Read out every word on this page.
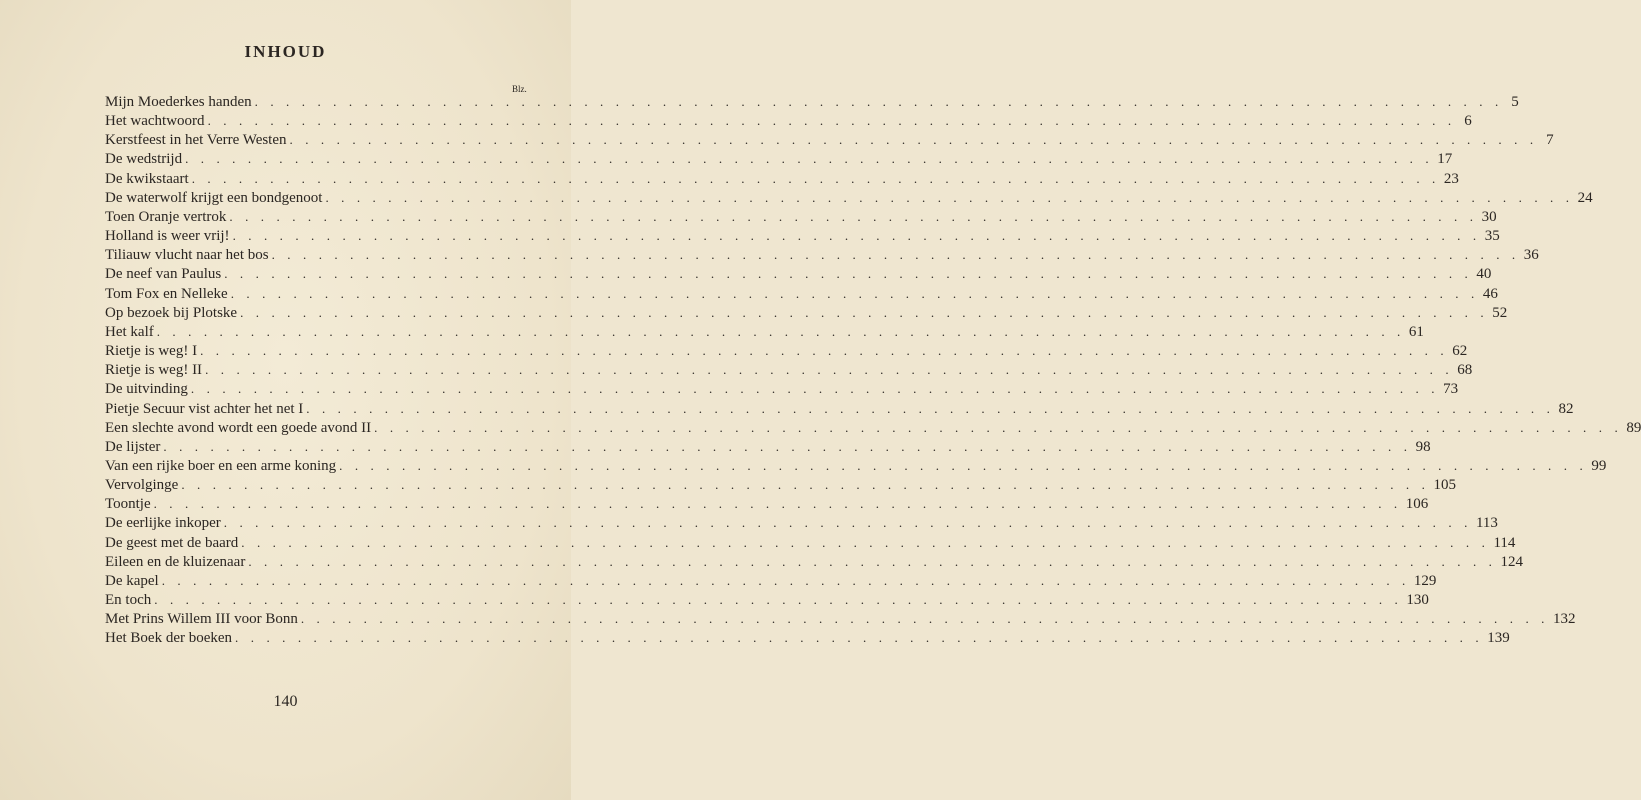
INHOUD
Blz.
Mijn Moederkes handen . . . . . . . . . . . . . . . . . . . . . . . . . . . . . . . . . . . . . . . . . . . . . . . . . . . . . . . . . . . . . . . . . . . . . . . . . . . . . . . . 5
Het wachtwoord . . . . . . . . . . . . . . . . . . . . . . . . . . . . . . . . . . . . . . . . . . . . . . . . . . . . . . . . . . . . . . . . . . . . . . . . . . . . . . . . 6
Kerstfeest in het Verre Westen . . . . . . . . . . . . . . . . . . . . . . . . . . . . . . . . . . . . . . . . . . . . . . . . . . . . . . . . . . . . . . . . . . . . . . . . . . . . . . . . 7
De wedstrijd . . . . . . . . . . . . . . . . . . . . . . . . . . . . . . . . . . . . . . . . . . . . . . . . . . . . . . . . . . . . . . . . . . . . . . . . . . . . . . . . 17
De kwikstaart . . . . . . . . . . . . . . . . . . . . . . . . . . . . . . . . . . . . . . . . . . . . . . . . . . . . . . . . . . . . . . . . . . . . . . . . . . . . . . . . 23
De waterwolf krijgt een bondgenoot . . . . . . . . . . . . . . . . . . . . . . . . . . . . . . . . . . . . . . . . . . . . . . . . . . . . . . . . . . . . . . . . . . . . . . . . . . . . . . . . 24
Toen Oranje vertrok . . . . . . . . . . . . . . . . . . . . . . . . . . . . . . . . . . . . . . . . . . . . . . . . . . . . . . . . . . . . . . . . . . . . . . . . . . . . . . . . 30
Holland is weer vrij! . . . . . . . . . . . . . . . . . . . . . . . . . . . . . . . . . . . . . . . . . . . . . . . . . . . . . . . . . . . . . . . . . . . . . . . . . . . . . . . . 35
Tiliauw vlucht naar het bos . . . . . . . . . . . . . . . . . . . . . . . . . . . . . . . . . . . . . . . . . . . . . . . . . . . . . . . . . . . . . . . . . . . . . . . . . . . . . . . . 36
De neef van Paulus . . . . . . . . . . . . . . . . . . . . . . . . . . . . . . . . . . . . . . . . . . . . . . . . . . . . . . . . . . . . . . . . . . . . . . . . . . . . . . . . 40
Tom Fox en Nelleke . . . . . . . . . . . . . . . . . . . . . . . . . . . . . . . . . . . . . . . . . . . . . . . . . . . . . . . . . . . . . . . . . . . . . . . . . . . . . . . . 46
Op bezoek bij Plotske . . . . . . . . . . . . . . . . . . . . . . . . . . . . . . . . . . . . . . . . . . . . . . . . . . . . . . . . . . . . . . . . . . . . . . . . . . . . . . . . 52
Het kalf . . . . . . . . . . . . . . . . . . . . . . . . . . . . . . . . . . . . . . . . . . . . . . . . . . . . . . . . . . . . . . . . . . . . . . . . . . . . . . . . 61
Rietje is weg! I . . . . . . . . . . . . . . . . . . . . . . . . . . . . . . . . . . . . . . . . . . . . . . . . . . . . . . . . . . . . . . . . . . . . . . . . . . . . . . . . 62
Rietje is weg! II . . . . . . . . . . . . . . . . . . . . . . . . . . . . . . . . . . . . . . . . . . . . . . . . . . . . . . . . . . . . . . . . . . . . . . . . . . . . . . . . 68
De uitvinding . . . . . . . . . . . . . . . . . . . . . . . . . . . . . . . . . . . . . . . . . . . . . . . . . . . . . . . . . . . . . . . . . . . . . . . . . . . . . . . . 73
Pietje Secuur vist achter het net I . . . . . . . . . . . . . . . . . . . . . . . . . . . . . . . . . . . . . . . . . . . . . . . . . . . . . . . . . . . . . . . . . . . . . . . . . . . . . . . . 82
Een slechte avond wordt een goede avond II . . . . . . . . . . . . . . . . . . . . . . . . . . . . . . . . . . . . . . . . . . . . . . . . . . . . . . . . . . . . . . . . . . . . . . . . . . . . . . . . 89
De lijster . . . . . . . . . . . . . . . . . . . . . . . . . . . . . . . . . . . . . . . . . . . . . . . . . . . . . . . . . . . . . . . . . . . . . . . . . . . . . . . . 98
Van een rijke boer en een arme koning . . . . . . . . . . . . . . . . . . . . . . . . . . . . . . . . . . . . . . . . . . . . . . . . . . . . . . . . . . . . . . . . . . . . . . . . . . . . . . . . 99
Vervolginge . . . . . . . . . . . . . . . . . . . . . . . . . . . . . . . . . . . . . . . . . . . . . . . . . . . . . . . . . . . . . . . . . . . . . . . . . . . . . . . . 105
Toontje . . . . . . . . . . . . . . . . . . . . . . . . . . . . . . . . . . . . . . . . . . . . . . . . . . . . . . . . . . . . . . . . . . . . . . . . . . . . . . . . 106
De eerlijke inkoper . . . . . . . . . . . . . . . . . . . . . . . . . . . . . . . . . . . . . . . . . . . . . . . . . . . . . . . . . . . . . . . . . . . . . . . . . . . . . . . . 113
De geest met de baard . . . . . . . . . . . . . . . . . . . . . . . . . . . . . . . . . . . . . . . . . . . . . . . . . . . . . . . . . . . . . . . . . . . . . . . . . . . . . . . . 114
Eileen en de kluizenaar . . . . . . . . . . . . . . . . . . . . . . . . . . . . . . . . . . . . . . . . . . . . . . . . . . . . . . . . . . . . . . . . . . . . . . . . . . . . . . . . 124
De kapel . . . . . . . . . . . . . . . . . . . . . . . . . . . . . . . . . . . . . . . . . . . . . . . . . . . . . . . . . . . . . . . . . . . . . . . . . . . . . . . . 129
En toch . . . . . . . . . . . . . . . . . . . . . . . . . . . . . . . . . . . . . . . . . . . . . . . . . . . . . . . . . . . . . . . . . . . . . . . . . . . . . . . . 130
Met Prins Willem III voor Bonn . . . . . . . . . . . . . . . . . . . . . . . . . . . . . . . . . . . . . . . . . . . . . . . . . . . . . . . . . . . . . . . . . . . . . . . . . . . . . . . . 132
Het Boek der boeken . . . . . . . . . . . . . . . . . . . . . . . . . . . . . . . . . . . . . . . . . . . . . . . . . . . . . . . . . . . . . . . . . . . . . . . . . . . . . . . . 139
140
